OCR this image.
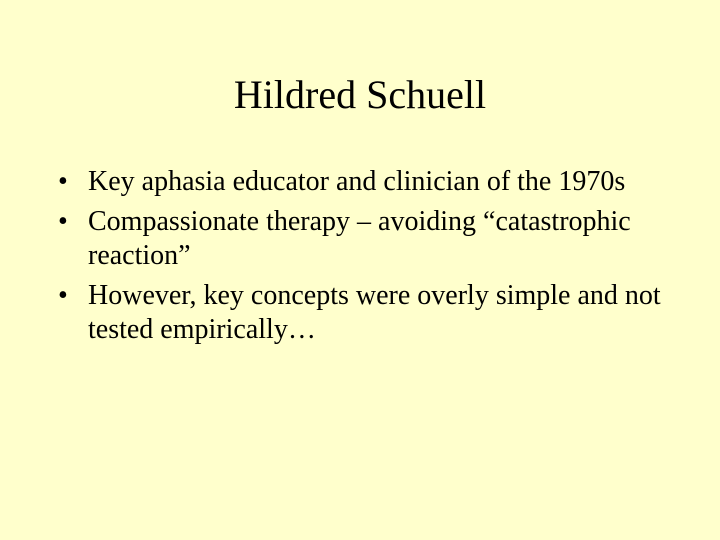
Hildred Schuell
• Key aphasia educator and clinician of the 1970s
• Compassionate therapy – avoiding “catastrophic reaction”
• However, key concepts were overly simple and not tested empirically…
